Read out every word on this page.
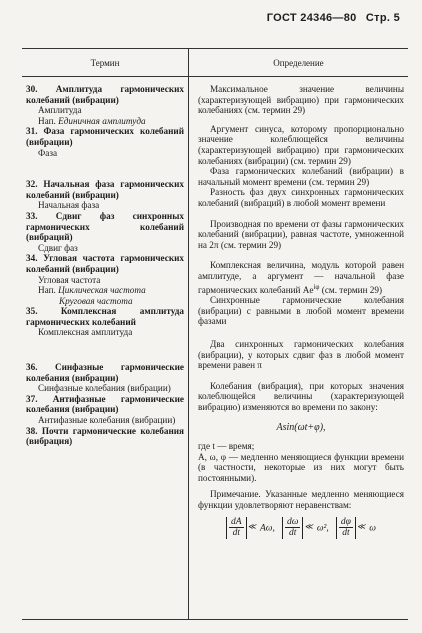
ГОСТ 24346—80 Стр. 5
Термин	Определение

30. Амплитуда гармонических колебаний (вибрации)

Амплитуда

Нап. Единичная амплитуда

31. Фаза гармонических колебаний (вибрации)

Фаза

32. Начальная фаза гармонических колебаний (вибрации)

Начальная фаза

33. Сдвиг фаз синхронных гармонических колебаний (вибраций)

Сдвиг фаз

34. Угловая частота гармонических колебаний (вибрации)

Угловая частота

Нап. Циклическая частота

Круговая частота

35. Комплексная амплитуда гармонических колебаний

Комплексная амплитуда

36. Синфазные гармонические колебания (вибрации)

Синфазные колебания (вибрации)

37. Антифазные гармонические колебания (вибрации)

Антифазные колебания (вибрации)

38. Почти гармонические колебания (вибрация)

Максимальное значение величины (характеризующей вибрацию) при гармонических колебаниях (см. термин 29)

Аргумент синуса, которому пропорционально значение колеблющейся величины (характеризующей вибрацию) при гармонических колебаниях (вибрации) (см. термин 29)

Фаза гармонических колебаний (вибрации) в начальный момент времени (см. термин 29)

Разность фаз двух синхронных гармонических колебаний (вибраций) в любой момент времени

Производная по времени от фазы гармонических колебаний (вибрации), равная частоте, умноженной на 2π (см. термин 29)

Комплексная величина, модуль которой равен амплитуде, а аргумент — начальной фазе гармонических колебаний $Ae^{i\varphi}$ (см. термин 29)

Синхронные гармонические колебания (вибрации) с равными в любой момент времени фазами

Два синхронных гармонических колебания (вибрации), у которых сдвиг фаз в любой момент времени равен π

Колебания (вибрация), при которых значения колеблющейся величины (характеризующей вибрацию) изменяются во времени по закону:

Asin(ωt+φ),

где t — время;

A, ω, φ — медленно меняющиеся функции времени (в частности, некоторые из них могут быть постоянными).

Примечание. Указанные медленно меняющиеся функции удовлетворяют неравенствам:

$\frac{dA}{dt}$ ≪ Aω, $\frac{d\omega}{dt}$ ≪ ω², $\frac{d\varphi}{dt}$ ≪ ω
